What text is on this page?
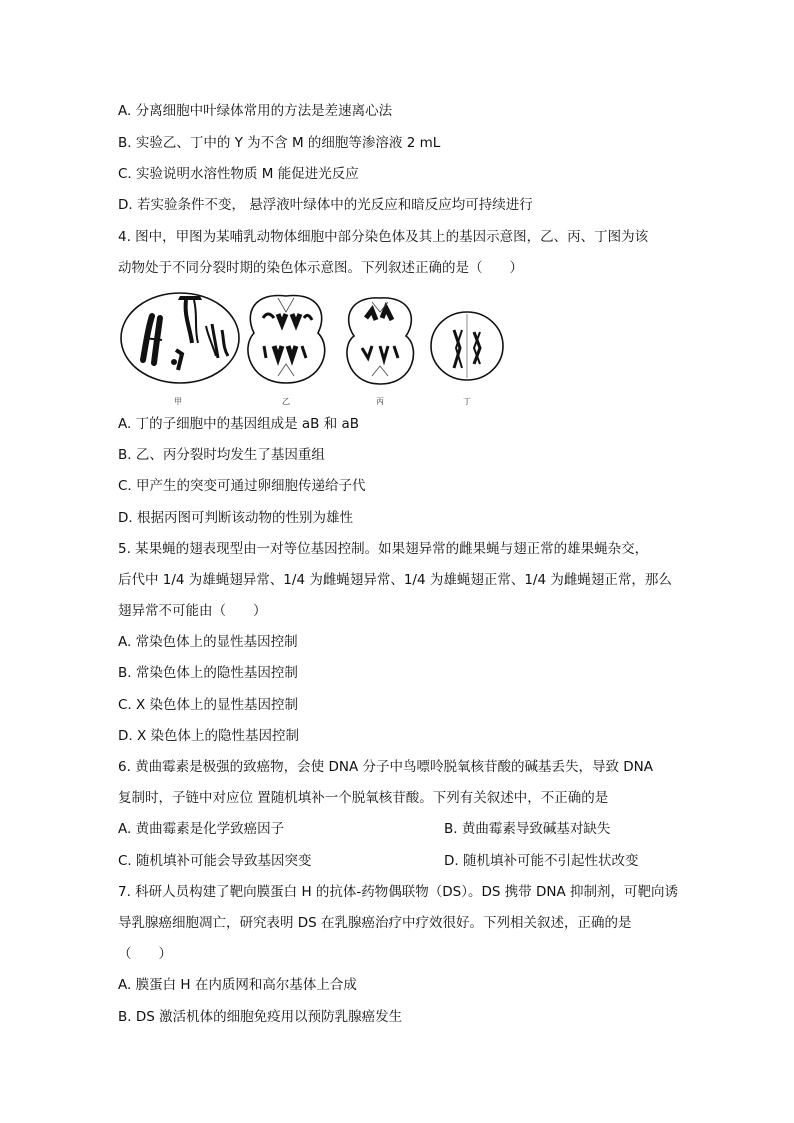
A. 分离细胞中叶绿体常用的方法是差速离心法
B. 实验乙、丁中的 Y 为不含 M 的细胞等渗溶液 2 mL
C. 实验说明水溶性物质 M 能促进光反应
D. 若实验条件不变， 悬浮液叶绿体中的光反应和暗反应均可持续进行
4. 图中，甲图为某哺乳动物体细胞中部分染色体及其上的基因示意图，乙、丙、丁图为该
动物处于不同分裂时期的染色体示意图。下列叙述正确的是（　　）
甲	乙	丙	丁
A. 丁的子细胞中的基因组成是 aB 和 aB
B. 乙、丙分裂时均发生了基因重组
C. 甲产生的突变可通过卵细胞传递给子代
D. 根据丙图可判断该动物的性别为雄性
5. 某果蝇的翅表现型由一对等位基因控制。如果翅异常的雌果蝇与翅正常的雄果蝇杂交，
后代中 1/4 为雄蝇翅异常、1/4 为雌蝇翅异常、1/4 为雄蝇翅正常、1/4 为雌蝇翅正常，那么
翅异常不可能由（　　）
A. 常染色体上的显性基因控制
B. 常染色体上的隐性基因控制
C. X 染色体上的显性基因控制
D. X 染色体上的隐性基因控制
6. 黄曲霉素是极强的致癌物，会使 DNA 分子中鸟嘌呤脱氧核苷酸的碱基丢失，导致 DNA
复制时，子链中对应位 置随机填补一个脱氧核苷酸。下列有关叙述中，不正确的是
A. 黄曲霉素是化学致癌因子	B. 黄曲霉素导致碱基对缺失
C. 随机填补可能会导致基因突变	D. 随机填补可能不引起性状改变
7. 科研人员构建了靶向膜蛋白 H 的抗体-药物偶联物（DS）。DS 携带 DNA 抑制剂，可靶向诱
导乳腺癌细胞凋亡，研究表明 DS 在乳腺癌治疗中疗效很好。下列相关叙述，正确的是
（　　）
A. 膜蛋白 H 在内质网和高尔基体上合成
B. DS 激活机体的细胞免疫用以预防乳腺癌发生
